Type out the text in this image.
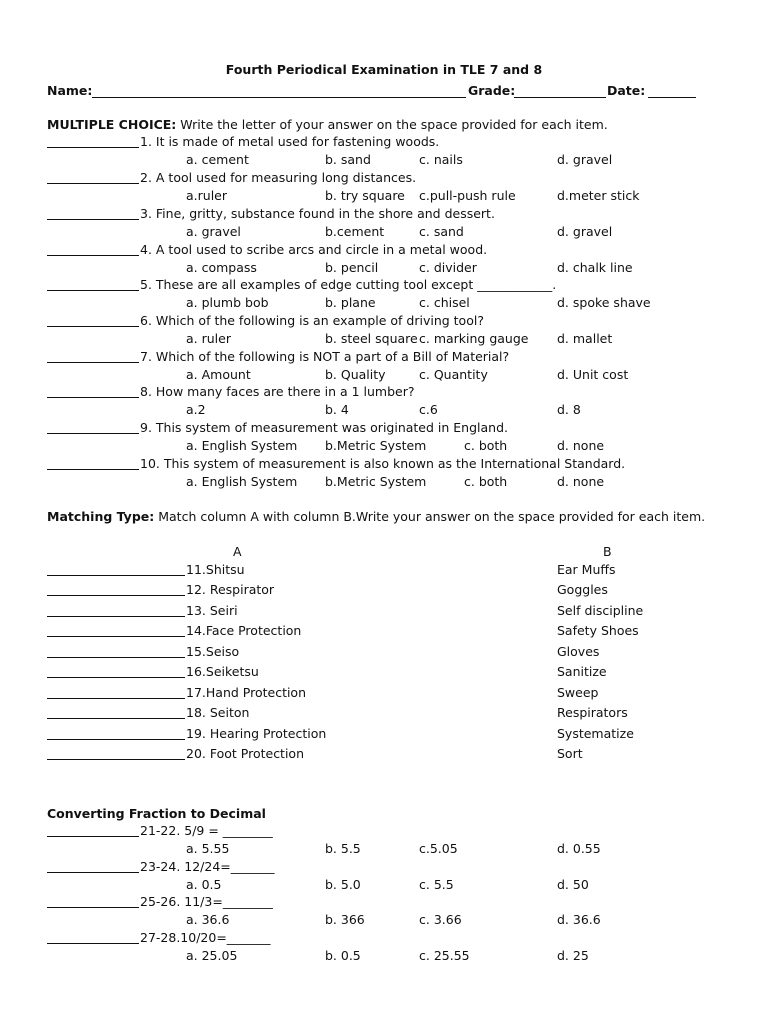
Fourth Periodical Examination in TLE 7 and 8
Name:	Grade:	Date:
MULTIPLE CHOICE: Write the letter of your answer on the space provided for each item.
1. It is made of metal used for fastening woods.
a. cement	b. sand	c. nails	d. gravel
2. A tool used for measuring long distances.
a.ruler	b. try square c.pull-push rule	d.meter stick
3. Fine, gritty, substance found in the shore and dessert.
a. gravel	b.cement	c. sand	d. gravel
4. A tool used to scribe arcs and circle in a metal wood.
a. compass	b. pencil	c. divider	d. chalk line
5. These are all examples of edge cutting tool except ____________.
a. plumb bob	b. plane	c. chisel	d. spoke shave
6. Which of the following is an example of driving tool?
a. ruler	b. steel square c. marking gauge d. mallet
7. Which of the following is NOT a part of a Bill of Material?
a. Amount	b. Quality	c. Quantity	d. Unit cost
8. How many faces are there in a 1 lumber?
a.2	b. 4	c.6	d. 8
9. This system of measurement was originated in England.
a. English System b.Metric System	c. both	d. none
10. This system of measurement is also known as the International Standard.
a. English System b.Metric System	c. both	d. none
Matching Type: Match column A with column B.Write your answer on the space provided for each item.
A	B
11.Shitsu	Ear Muffs
12. Respirator	Goggles
13. Seiri	Self discipline
14.Face Protection	Safety Shoes
15.Seiso	Gloves
16.Seiketsu	Sanitize
17.Hand Protection	Sweep
18. Seiton	Respirators
19. Hearing Protection	Systematize
20. Foot Protection	Sort
Converting Fraction to Decimal
21-22. 5/9 = ________
a. 5.55	b. 5.5	c.5.05	d. 0.55
23-24. 12/24=_______
a. 0.5	b. 5.0	c. 5.5	d. 50
25-26. 11/3=________
a. 36.6	b. 366	c. 3.66	d. 36.6
27-28.10/20=_______
a. 25.05	b. 0.5	c. 25.55	d. 25
